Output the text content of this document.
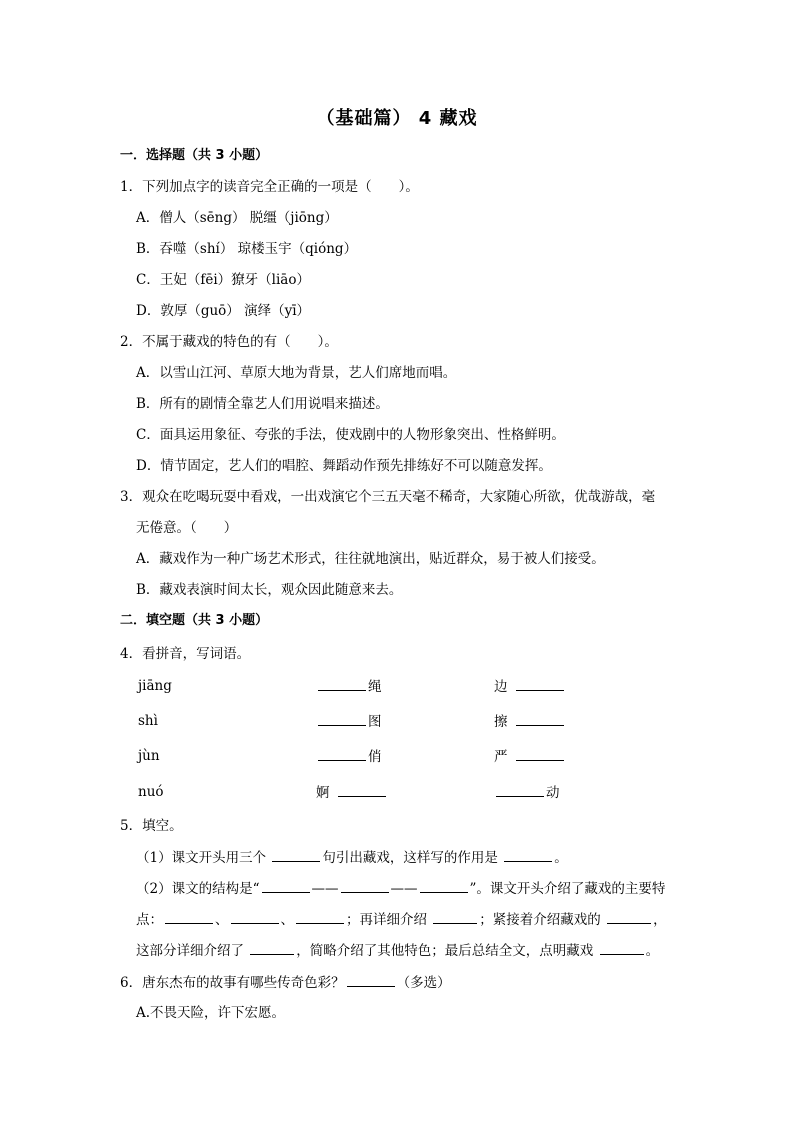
（基础篇） 4 藏戏
一．选择题（共 3 小题）
1．下列加点字的读音完全正确的一项是（　　）。
A．僧人（sēng） 脱缰（jiōng）
B．吞噬（shí） 琼楼玉宇（qióng）
C．王妃（fēi）獠牙（liāo）
D．敦厚（guō） 演绎（yī）
2．不属于藏戏的特色的有（　　）。
A．以雪山江河、草原大地为背景，艺人们席地而唱。
B．所有的剧情全靠艺人们用说唱来描述。
C．面具运用象征、夸张的手法，使戏剧中的人物形象突出、性格鲜明。
D．情节固定，艺人们的唱腔、舞蹈动作预先排练好不可以随意发挥。
3．观众在吃喝玩耍中看戏，一出戏演它个三五天毫不稀奇，大家随心所欲，优哉游哉，毫
无倦意。（　　）
A．藏戏作为一种广场艺术形式，往往就地演出，贴近群众，易于被人们接受。
B．藏戏表演时间太长，观众因此随意来去。
二．填空题（共 3 小题）
4．看拼音，写词语。
jiāng	绳	边
shì	图	擦
jùn	俏	严
nuó	婀	动
5．填空。
（1）课文开头用三个	句引出藏戏，这样写的作用是	。
（2）课文的结构是“	——	——	”。课文开头介绍了藏戏的主要特
点：	、	、	；再详细介绍	；紧接着介绍藏戏的	，
这部分详细介绍了	，简略介绍了其他特色；最后总结全文，点明藏戏	。
6．唐东杰布的故事有哪些传奇色彩？	（多选）
A.不畏天险，许下宏愿。
